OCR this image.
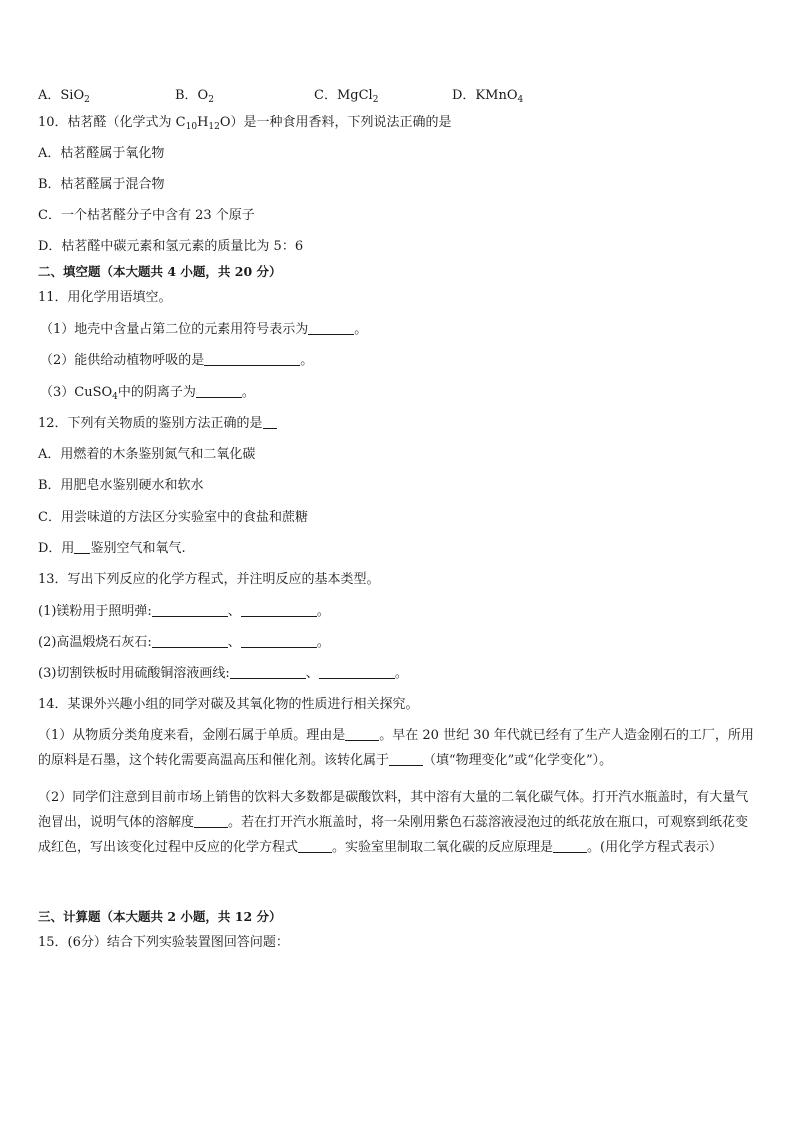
A．SiO$_2$	B．$O_2$	C．MgCl$_2$	D．KMnO$_4$
10．枯茗醛（化学式为 $C_{10}H_{12}O$）是一种食用香料，下列说法正确的是
A．枯茗醛属于氧化物
B．枯茗醛属于混合物
C．一个枯茗醛分子中含有 23 个原子
D．枯茗醛中碳元素和氢元素的质量比为 5：6
二、填空题（本大题共 4 小题，共 20 分）
11．用化学用语填空。
（1）地壳中含量占第二位的元素用符号表示为	。
（2）能供给动植物呼吸的是	。
（3）CuSO$_4$中的阴离子为	。
12．下列有关物质的鉴别方法正确的是
A．用燃着的木条鉴别氮气和二氧化碳
B．用肥皂水鉴别硬水和软水
C．用尝味道的方法区分实验室中的食盐和蔗糖
D．用 鉴别空气和氧气.
13．写出下列反应的化学方程式，并注明反应的基本类型。
(1)镁粉用于照明弹:	、	。
(2)高温煅烧石灰石:	、	。
(3)切割铁板时用硫酸铜溶液画线:	、	。
14．某课外兴趣小组的同学对碳及其氧化物的性质进行相关探究。
（1）从物质分类角度来看，金刚石属于单质。理由是	。早在 20 世纪 30 年代就已经有了生产人造金刚石的工厂，所用的原料是石墨，这个转化需要高温高压和催化剂。该转化属于	（填“物理变化”或“化学变化”）。
（2）同学们注意到目前市场上销售的饮料大多数都是碳酸饮料，其中溶有大量的二氧化碳气体。打开汽水瓶盖时，有大量气泡冒出，说明气体的溶解度	。若在打开汽水瓶盖时，将一朵刚用紫色石蕊溶液浸泡过的纸花放在瓶口，可观察到纸花变成红色，写出该变化过程中反应的化学方程式	。实验室里制取二氧化碳的反应原理是	。(用化学方程式表示）
三、计算题（本大题共 2 小题，共 12 分）
15．(6分）结合下列实验装置图回答问题：
